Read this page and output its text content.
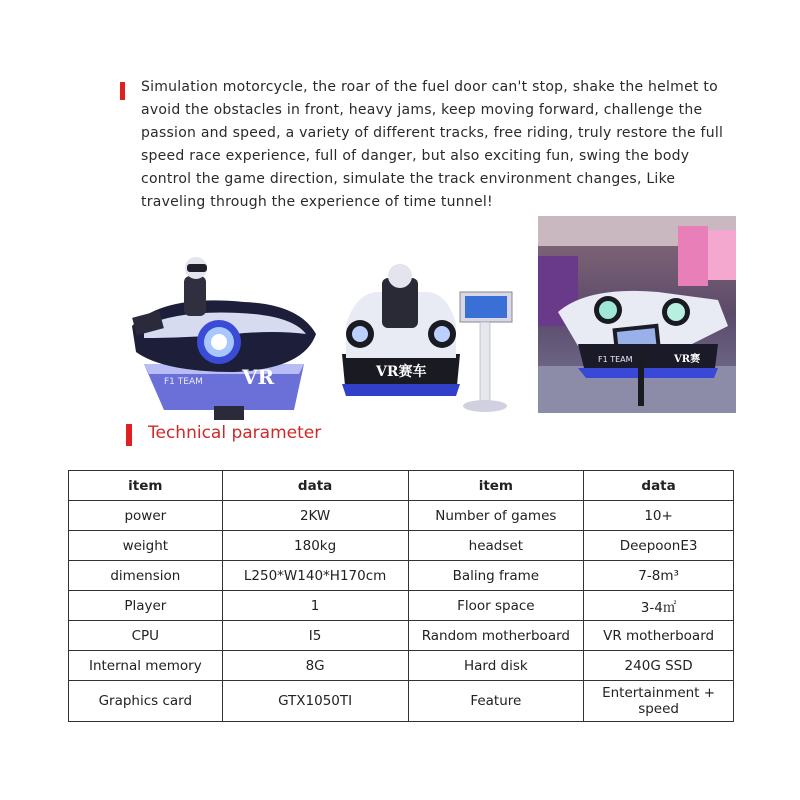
Simulation motorcycle, the roar of the fuel door can't stop, shake the helmet to avoid the obstacles in front, heavy jams, keep moving forward, challenge the passion and speed, a variety of different tracks, free riding, truly restore the full speed race experience, full of danger, but also exciting fun, swing the body control the game direction, simulate the track environment changes, Like traveling through the experience of time tunnel!
VR
F1 TEAM
VR赛车
F1 TEAM	VR赛
Technical parameter
item	data	item	data
power	2KW	Number of games	10+
weight	180kg	headset	DeepoonE3
dimension	L250*W140*H170cm	Baling frame	7-8m³
Player	1	Floor space	3-4㎡
CPU	I5	Random motherboard	VR motherboard
Internal memory	8G	Hard disk	240G SSD
Graphics card	GTX1050TI	Feature	Entertainment + speed
